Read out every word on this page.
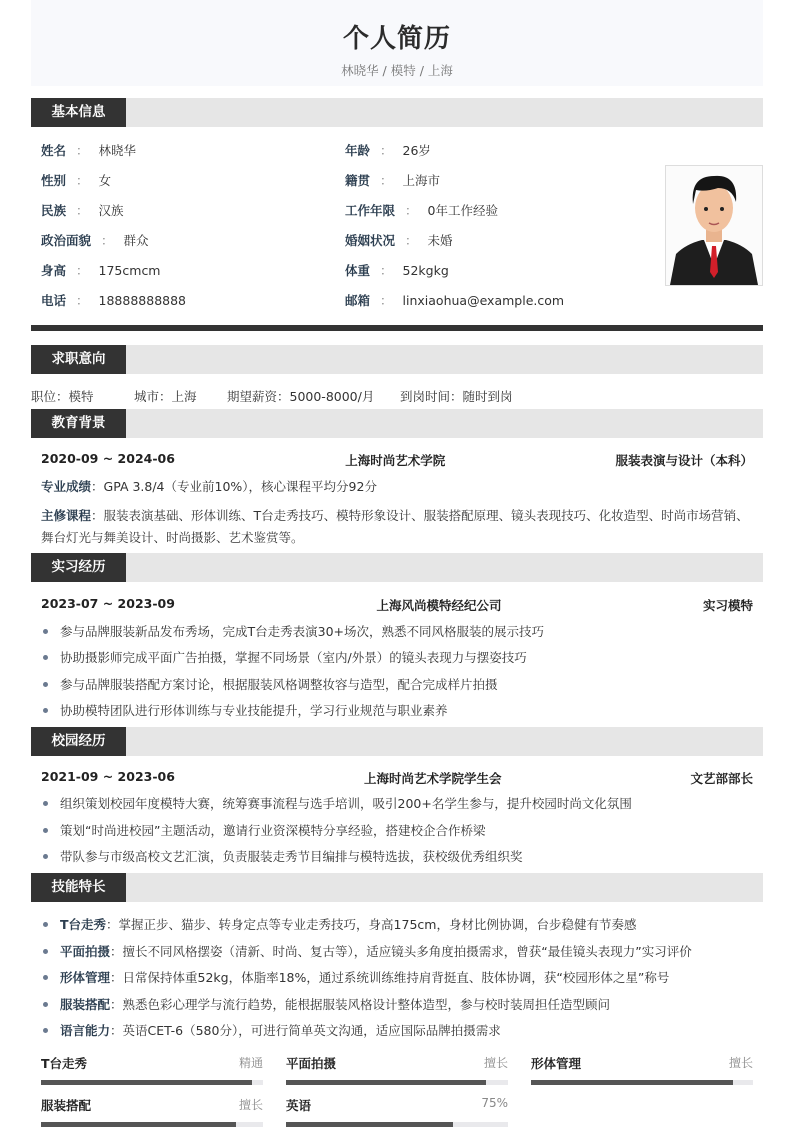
个人简历
林晓华 / 模特 / 上海
基本信息
姓名 ： 林晓华	年龄 ： 26岁
性别 ： 女	籍贯 ： 上海市
民族 ： 汉族	工作年限 ： 0年工作经验
政治面貌 ： 群众	婚姻状况 ： 未婚
身高 ： 175cmcm	体重 ： 52kgkg
电话 ： 18888888888	邮箱 ： linxiaohua@example.com
求职意向
职位：模特	城市：上海	期望薪资：5000-8000/月	到岗时间：随时到岗
教育背景
2020-09 ~ 2024-06	上海时尚艺术学院	服装表演与设计（本科）
专业成绩：GPA 3.8/4（专业前10%），核心课程平均分92分
主修课程：服装表演基础、形体训练、T台走秀技巧、模特形象设计、服装搭配原理、镜头表现技巧、化妆造型、时尚市场营销、舞台灯光与舞美设计、时尚摄影、艺术鉴赏等。
实习经历
2023-07 ~ 2023-09	上海风尚模特经纪公司	实习模特
参与品牌服装新品发布秀场，完成T台走秀表演30+场次，熟悉不同风格服装的展示技巧
协助摄影师完成平面广告拍摄，掌握不同场景（室内/外景）的镜头表现力与摆姿技巧
参与品牌服装搭配方案讨论，根据服装风格调整妆容与造型，配合完成样片拍摄
协助模特团队进行形体训练与专业技能提升，学习行业规范与职业素养
校园经历
2021-09 ~ 2023-06	上海时尚艺术学院学生会	文艺部部长
组织策划校园年度模特大赛，统筹赛事流程与选手培训，吸引200+名学生参与，提升校园时尚文化氛围
策划“时尚进校园”主题活动，邀请行业资深模特分享经验，搭建校企合作桥梁
带队参与市级高校文艺汇演，负责服装走秀节目编排与模特选拔，获校级优秀组织奖
技能特长
T台走秀：掌握正步、猫步、转身定点等专业走秀技巧，身高175cm，身材比例协调，台步稳健有节奏感
平面拍摄：擅长不同风格摆姿（清新、时尚、复古等），适应镜头多角度拍摄需求，曾获“最佳镜头表现力”实习评价
形体管理：日常保持体重52kg，体脂率18%，通过系统训练维持肩背挺直、肢体协调，获“校园形体之星”称号
服装搭配：熟悉色彩心理学与流行趋势，能根据服装风格设计整体造型，参与校时装周担任造型顾问
语言能力：英语CET-6（580分），可进行简单英文沟通，适应国际品牌拍摄需求
T台走秀	精通 平面拍摄	擅长 形体管理	擅长
服装搭配	擅长 英语	75%
